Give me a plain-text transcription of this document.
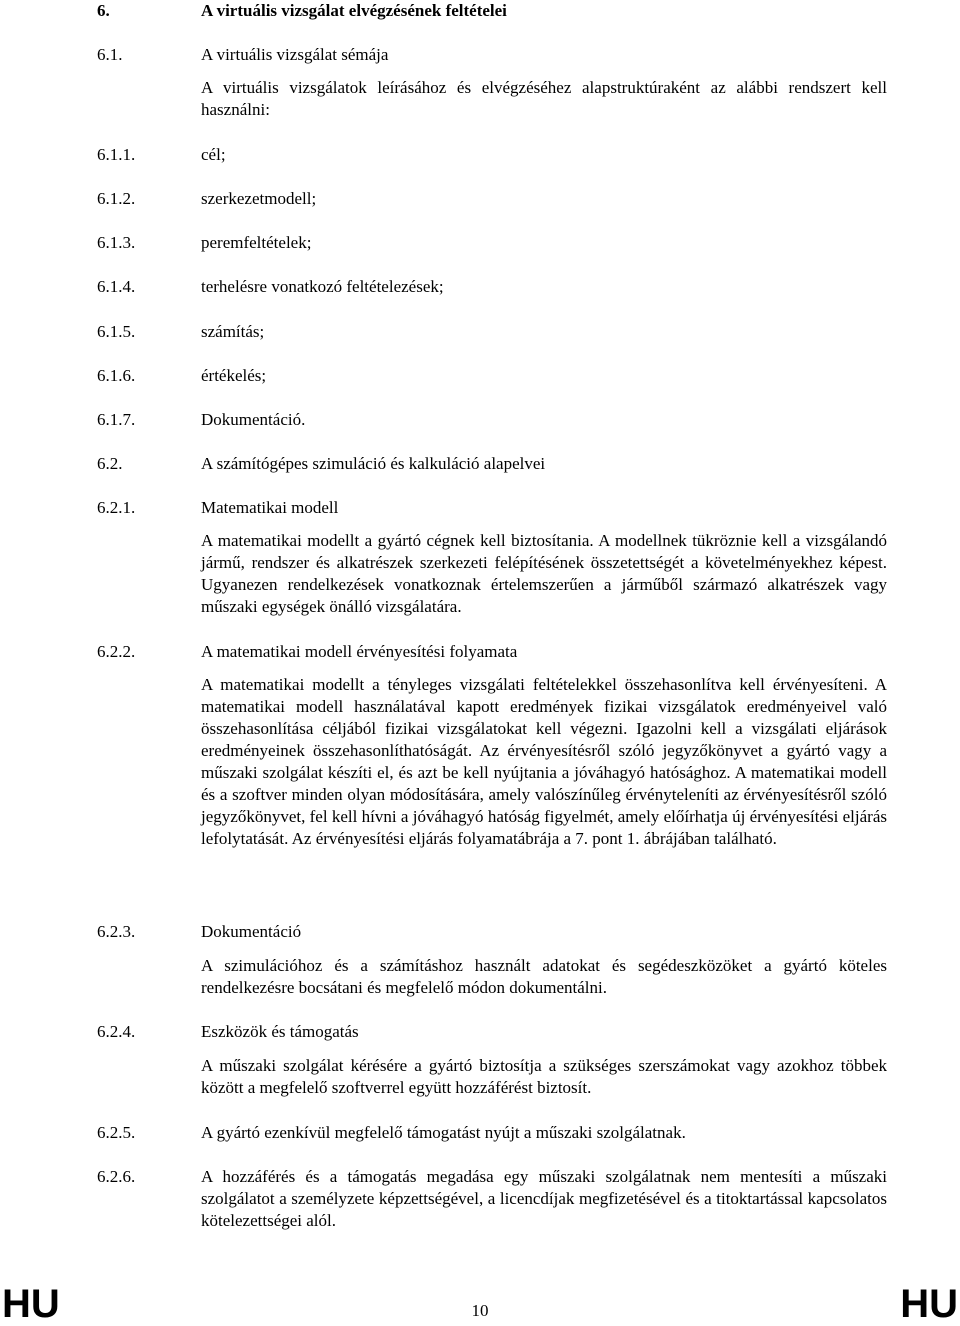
6.	A virtuális vizsgálat elvégzésének feltételei
6.1.	A virtuális vizsgálat sémája
A virtuális vizsgálatok leírásához és elvégzéséhez alapstruktúraként az alábbi rendszert kell használni:
6.1.1.	cél;
6.1.2.	szerkezetmodell;
6.1.3.	peremfeltételek;
6.1.4.	terhelésre vonatkozó feltételezések;
6.1.5.	számítás;
6.1.6.	értékelés;
6.1.7.	Dokumentáció.
6.2.	A számítógépes szimuláció és kalkuláció alapelvei
6.2.1.	Matematikai modell
A matematikai modellt a gyártó cégnek kell biztosítania. A modellnek tükröznie kell a vizsgálandó jármű, rendszer és alkatrészek szerkezeti felépítésének összetettségét a követelményekhez képest. Ugyanezen rendelkezések vonatkoznak értelemszerűen a járműből származó alkatrészek vagy műszaki egységek önálló vizsgálatára.
6.2.2.	A matematikai modell érvényesítési folyamata
A matematikai modellt a tényleges vizsgálati feltételekkel összehasonlítva kell érvényesíteni. A matematikai modell használatával kapott eredmények fizikai vizsgálatok eredményeivel való összehasonlítása céljából fizikai vizsgálatokat kell végezni. Igazolni kell a vizsgálati eljárások eredményeinek összehasonlíthatóságát. Az érvényesítésről szóló jegyzőkönyvet a gyártó vagy a műszaki szolgálat készíti el, és azt be kell nyújtania a jóváhagyó hatósághoz. A matematikai modell és a szoftver minden olyan módosítására, amely valószínűleg érvényteleníti az érvényesítésről szóló jegyzőkönyvet, fel kell hívni a jóváhagyó hatóság figyelmét, amely előírhatja új érvényesítési eljárás lefolytatását. Az érvényesítési eljárás folyamatábrája a 7. pont 1. ábrájában található.
6.2.3.	Dokumentáció
A szimulációhoz és a számításhoz használt adatokat és segédeszközöket a gyártó köteles rendelkezésre bocsátani és megfelelő módon dokumentálni.
6.2.4.	Eszközök és támogatás
A műszaki szolgálat kérésére a gyártó biztosítja a szükséges szerszámokat vagy azokhoz többek között a megfelelő szoftverrel együtt hozzáférést biztosít.
6.2.5.	A gyártó ezenkívül megfelelő támogatást nyújt a műszaki szolgálatnak.
6.2.6.	A hozzáférés és a támogatás megadása egy műszaki szolgálatnak nem mentesíti a műszaki szolgálatot a személyzete képzettségével, a licencdíjak megfizetésével és a titoktartással kapcsolatos kötelezettségei alól.
HU	HU
10
